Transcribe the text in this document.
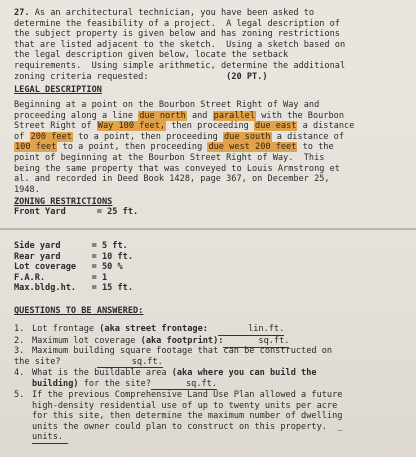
27. As an architectural technician, you have been asked to
determine the feasibility of a project.  A legal description of
the subject property is given below and has zoning restrictions
that are listed adjacent to the sketch.  Using a sketch based on
the legal description given below, locate the setback
requirements.  Using simple arithmetic, determine the additional
zoning criteria requested:	(20 PT.)
LEGAL DESCRIPTION
Beginning at a point on the Bourbon Street Right of Way and
proceeding along a line due north and parallel with the Bourbon
Street Right of Way 100 feet, then proceeding due east a distance
of 200 feet to a point, then proceeding due south a distance of
100 feet to a point, then proceeding due west 200 feet to the
point of beginning at the Bourbon Street Right of Way.  This
being the same property that was conveyed to Louis Armstrong et
al. and recorded in Deed Book 1428, page 367, on December 25,
1948.
ZONING RESTRICTIONS
Front Yard      = 25 ft.
Side yard      = 5 ft.
Rear yard      = 10 ft.
Lot coverage   = 50 %
F.A.R.         = 1
Max.bldg.ht.   = 15 ft.
QUESTIONS TO BE ANSWERED:
1. Lot frontage (aka street frontage:	lin.ft.
2. Maximum lot coverage (aka footprint):	sq.ft.
3. Maximum building square footage that can be constructed on
the site?	sq.ft.
4. What is the buildable area (aka where you can build the
building) for the site?	sq.ft.
5. If the previous Comprehensive Land Use Plan allowed a future
high-density residential use of up to twenty units per acre
for this site, then determine the maximum number of dwelling
units the owner could plan to construct on this property.  _
units.
